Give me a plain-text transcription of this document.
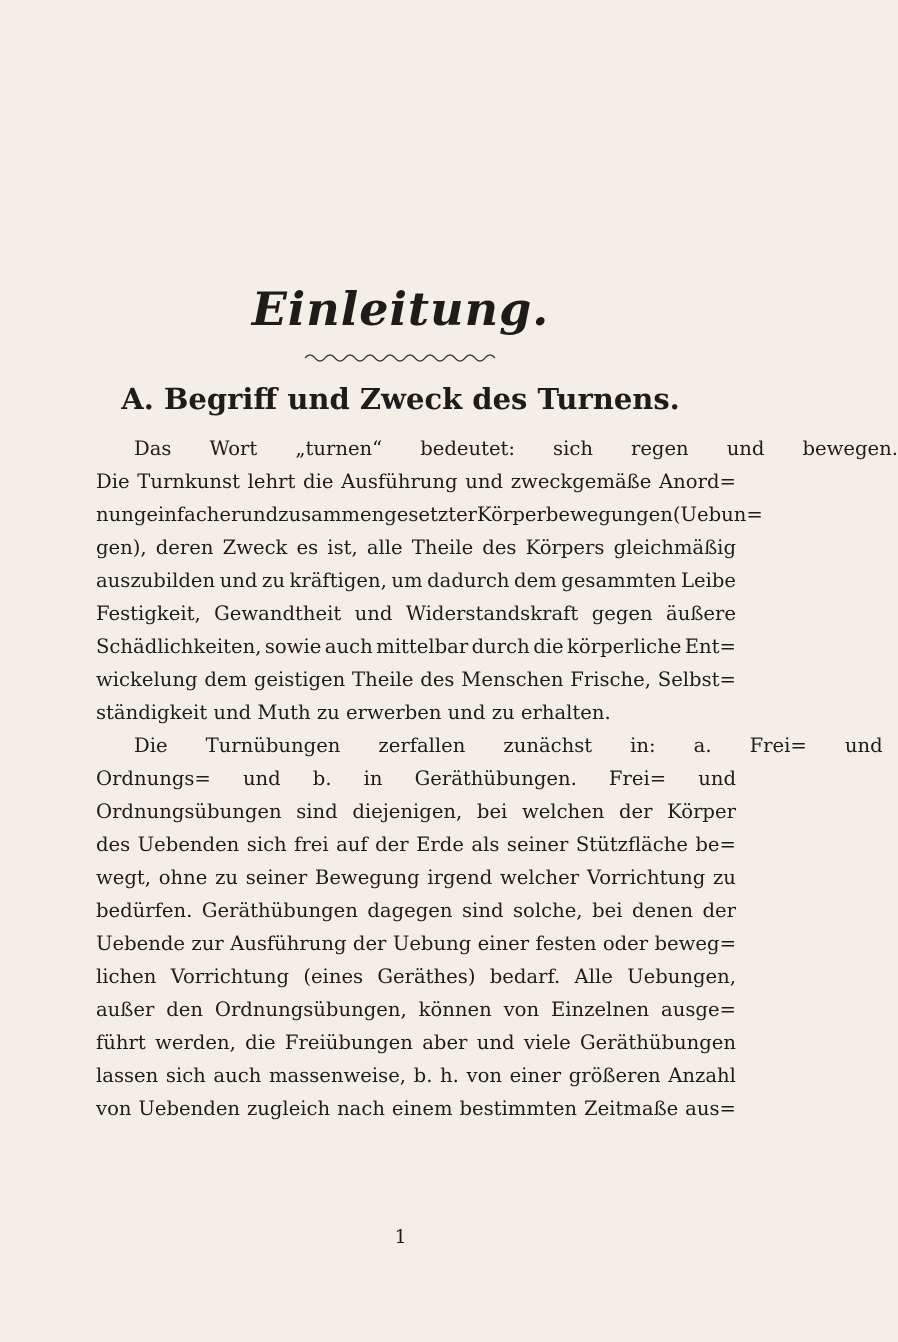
Einleitung.
A. Begriff und Zweck des Turnens.
Das	Wort	„turnen“	bedeutet:	sich	regen	und	bewegen.
Die Turnkunst lehrt die Ausführung und zweckgemäße Anord=
nung einfacher und zusammengesetzter Körperbewegungen (Uebun=
gen), deren Zweck es ist, alle Theile des Körpers gleichmäßig
auszubilden und zu kräftigen, um dadurch dem gesammten Leibe
Festigkeit, Gewandtheit und Widerstandskraft gegen äußere
Schädlichkeiten, sowie auch mittelbar durch die körperliche Ent=
wickelung dem geistigen Theile des Menschen Frische, Selbst=
ständigkeit und Muth zu erwerben und zu erhalten.
Die	Turnübungen	zerfallen	zunächst	in:	a.	Frei=	und
Ordnungs= und b. in Geräthübungen. Frei= und
Ordnungsübungen sind diejenigen, bei welchen der Körper
des Uebenden sich frei auf der Erde als seiner Stützfläche be=
wegt, ohne zu seiner Bewegung irgend welcher Vorrichtung zu
bedürfen. Geräthübungen dagegen sind solche, bei denen der
Uebende zur Ausführung der Uebung einer festen oder beweg=
lichen Vorrichtung (eines Geräthes) bedarf. Alle Uebungen,
außer den Ordnungsübungen, können von Einzelnen ausge=
führt werden, die Freiübungen aber und viele Geräthübungen
lassen sich auch massenweise, b. h. von einer größeren Anzahl
von Uebenden zugleich nach einem bestimmten Zeitmaße aus=
1
